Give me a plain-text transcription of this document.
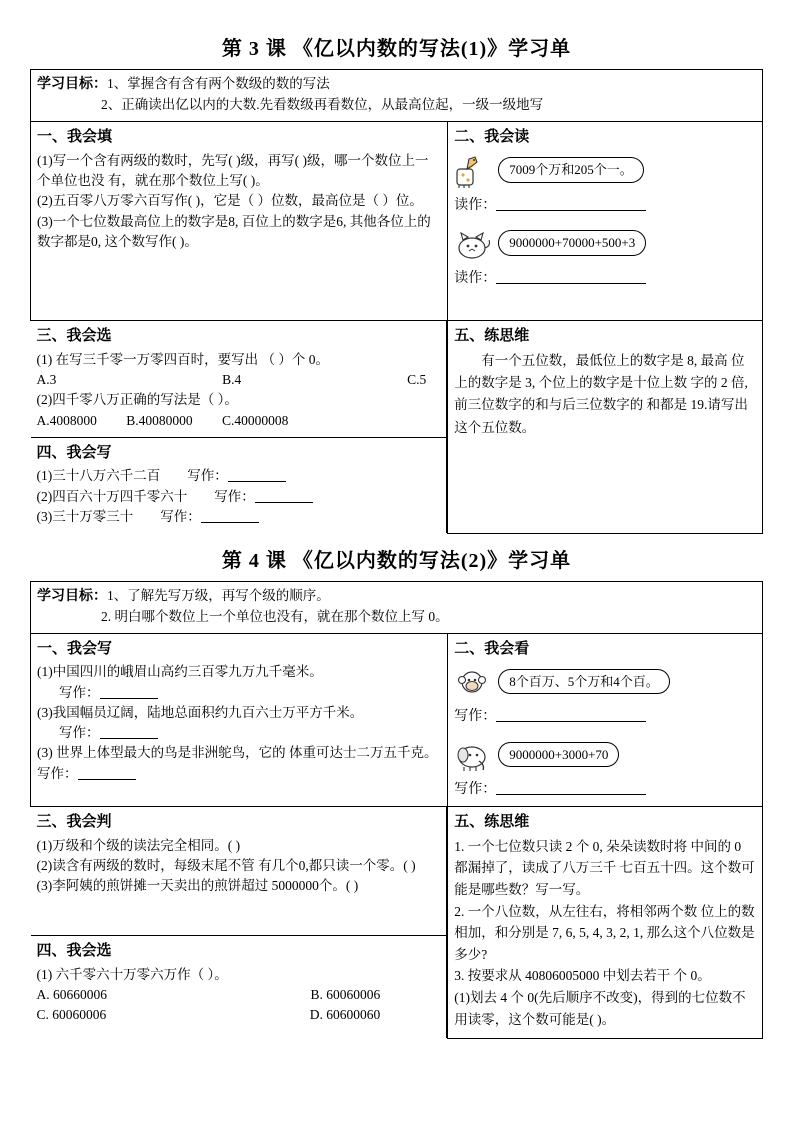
第 3 课 《亿以内数的写法(1)》学习单
学习目标：1、掌握含有含有两个数级的数的写法
2、正确读出亿以内的大数.先看数级再看数位，从最高位起，一级一级地写

一、我会填
(1)写一个含有两级的数时，先写( )级，再写( )级，哪一个数位上一个单位也没 有，就在那个数位上写( )。
(2)五百零八万零六百写作( )，它是（ ）位数，最高位是（ ）位。
(3)一个七位数最高位上的数字是8, 百位上的数字是6, 其他各位上的数字都是0, 这个数写作( )。

二、我会读
7009个万和205个一。
读作：
9000000+70000+500+3
读作：

三、我会选
(1) 在写三千零一万零四百时，要写出 （ ）个 0。
A.3	B.4	C.5
(2)四千零八万正确的写法是（ ）。
A.4008000 B.40080000 C.40000008

四、我会写
(1)三十八万六千二百　　写作：
(2)四百六十万四千零六十　　写作：
(3)三十万零三十　　写作：

五、练思维
有一个五位数，最低位上的数字是 8, 最高 位上的数字是 3, 个位上的数字是十位上数 字的 2 倍, 前三位数字的和与后三位数字的 和都是 19.请写出这个五位数。
第 4 课 《亿以内数的写法(2)》学习单
学习目标：1、了解先写万级，再写个级的顺序。
2. 明白哪个数位上一个单位也没有，就在那个数位上写 0。

一、我会写
(1)中国四川的峨眉山高约三百零九万九千毫米。
写作：
(3)我国幅员辽阔，陆地总面积约九百六士万平方千米。
写作：
(3) 世界上体型最大的鸟是非洲鸵鸟，它的 体重可达士二万五千克。写作：

二、我会看
8个百万、5个万和4个百。
写作：
9000000+3000+70
写作：

三、我会判
(1)万级和个级的读法完全相同。( )
(2)读含有两级的数时，每级末尾不管 有几个0,都只读一个零。( )
(3)李阿姨的煎饼摊一天卖出的煎饼超过 5000000个。( )

四、我会选
(1) 六千零六十万零六万作（ ）。
A. 60660006	B. 60060006
C. 60060006	D. 60600060

五、练思维
1. 一个七位数只读 2 个 0, 朵朵读数时将 中间的 0 都漏掉了，读成了八万三千 七百五十四。这个数可能是哪些数？写一写。
2. 一个八位数，从左往右，将相邻两个数 位上的数相加，和分别是 7, 6, 5, 4, 3, 2, 1, 那么这个八位数是多少?
3. 按要求从 40806005000 中划去若干 个 0。
(1)划去 4 个 0(先后顺序不改变)，得到的七位数不用读零，这个数可能是( )。
